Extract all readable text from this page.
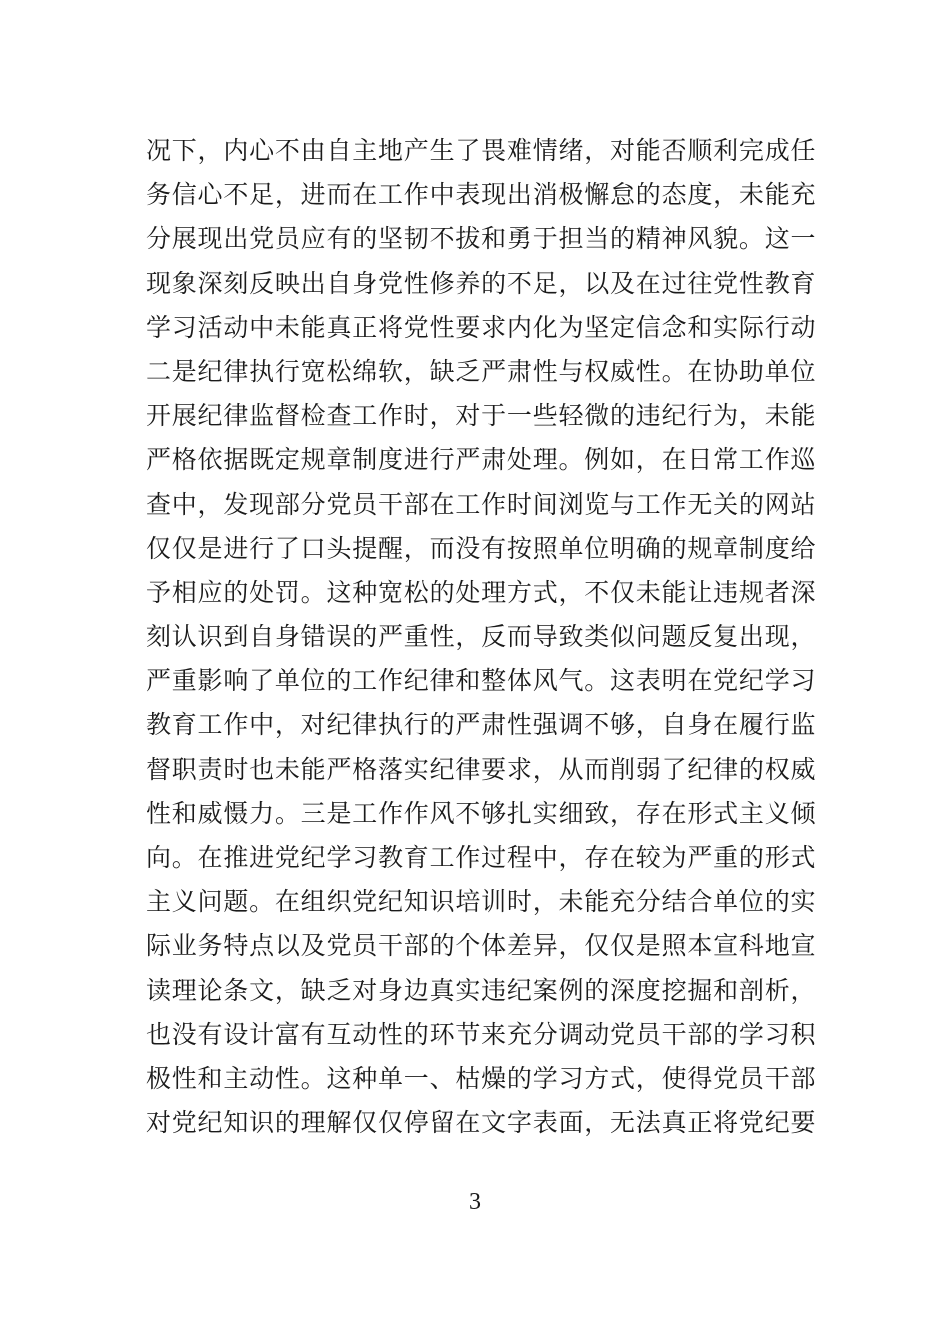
况下，内心不由自主地产生了畏难情绪，对能否顺利完成任
务信心不足，进而在工作中表现出消极懈怠的态度，未能充
分展现出党员应有的坚韧不拔和勇于担当的精神风貌。这一
现象深刻反映出自身党性修养的不足，以及在过往党性教育
学习活动中未能真正将党性要求内化为坚定信念和实际行动
二是纪律执行宽松绵软，缺乏严肃性与权威性。在协助单位
开展纪律监督检查工作时，对于一些轻微的违纪行为，未能
严格依据既定规章制度进行严肃处理。例如，在日常工作巡
查中，发现部分党员干部在工作时间浏览与工作无关的网站
仅仅是进行了口头提醒，而没有按照单位明确的规章制度给
予相应的处罚。这种宽松的处理方式，不仅未能让违规者深
刻认识到自身错误的严重性，反而导致类似问题反复出现，
严重影响了单位的工作纪律和整体风气。这表明在党纪学习
教育工作中，对纪律执行的严肃性强调不够，自身在履行监
督职责时也未能严格落实纪律要求，从而削弱了纪律的权威
性和威慑力。三是工作作风不够扎实细致，存在形式主义倾
向。在推进党纪学习教育工作过程中，存在较为严重的形式
主义问题。在组织党纪知识培训时，未能充分结合单位的实
际业务特点以及党员干部的个体差异，仅仅是照本宣科地宣
读理论条文，缺乏对身边真实违纪案例的深度挖掘和剖析，
也没有设计富有互动性的环节来充分调动党员干部的学习积
极性和主动性。这种单一、枯燥的学习方式，使得党员干部
对党纪知识的理解仅仅停留在文字表面，无法真正将党纪要
3
